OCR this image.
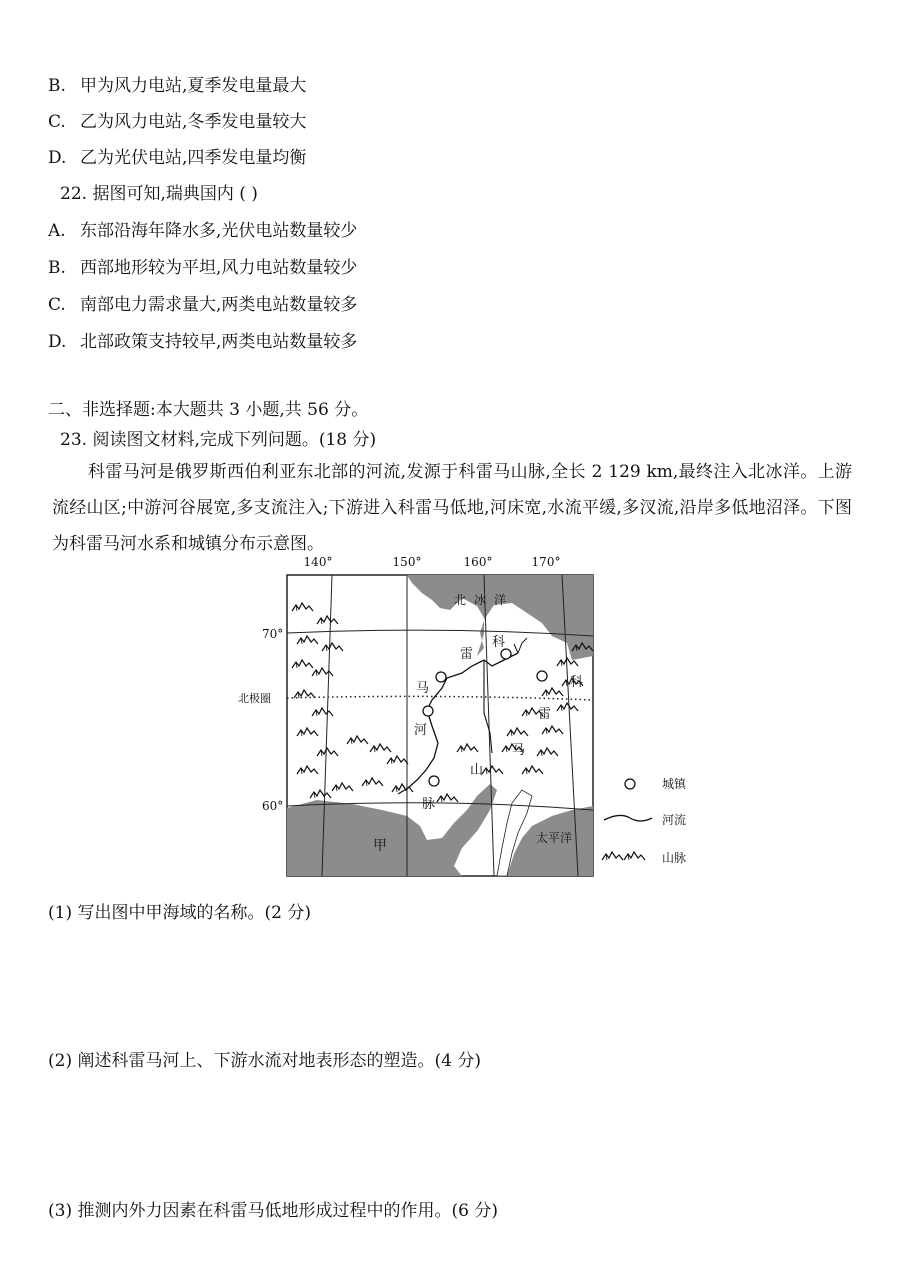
B. 甲为风力电站,夏季发电量最大
C. 乙为风力电站,冬季发电量较大
D. 乙为光伏电站,四季发电量均衡
22. 据图可知,瑞典国内 ( )
A. 东部沿海年降水多,光伏电站数量较少
B. 西部地形较为平坦,风力电站数量较少
C. 南部电力需求量大,两类电站数量较多
D. 北部政策支持较早,两类电站数量较多
二、非选择题:本大题共 3 小题,共 56 分。
23. 阅读图文材料,完成下列问题。(18 分)
科雷马河是俄罗斯西伯利亚东北部的河流,发源于科雷马山脉,全长 2 129 km,最终注入北冰洋。上游流经山区;中游河谷展宽,多支流注入;下游进入科雷马低地,河床宽,水流平缓,多汊流,沿岸多低地沼泽。下图为科雷马河水系和城镇分布示意图。
140°	150°	160°	170°
70°
60°
北极圈
北冰洋
太平洋
甲
雷
科
马
河
科
雷
马
山
脉
城镇
河流
山脉
(1) 写出图中甲海域的名称。(2 分)
(2) 阐述科雷马河上、下游水流对地表形态的塑造。(4 分)
(3) 推测内外力因素在科雷马低地形成过程中的作用。(6 分)
